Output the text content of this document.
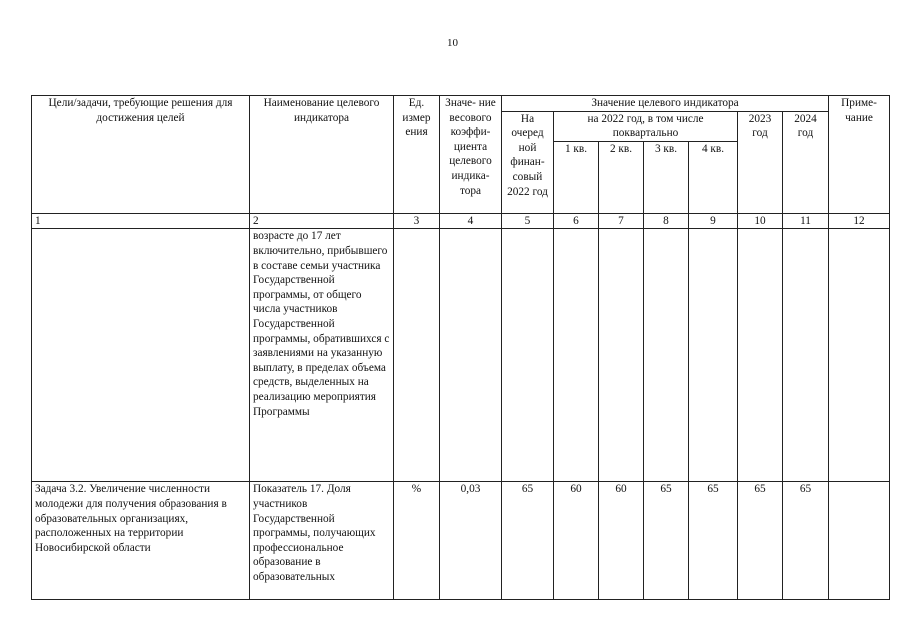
10
Цели/задачи, требующие решения для достижения целей	Наименование целевого индикатора	Ед. измер ения	Значе- ние весового коэффи- циента целевого индика- тора	Значение целевого индикатора							Приме- чание
				На очеред ной финан- совый 2022 год	на 2022 год, в том числе поквартально				2023 год	2024 год	
					1 кв.	2 кв.	3 кв.	4 кв.			
1	2	3	4	5	6	7	8	9	10	11	12
	возрасте до 17 лет включительно, прибывшего в составе семьи участника Государственной программы, от общего числа участников Государственной программы, обратившихся с заявлениями на указанную выплату, в пределах объема средств, выделенных на реализацию мероприятия Программы										
Задача 3.2. Увеличение численности молодежи для получения образования в образовательных организациях, расположенных на территории Новосибирской области	Показатель 17. Доля участников Государственной программы, получающих профессиональное образование в образовательных	%	0,03	65	60	60	65	65	65	65	
